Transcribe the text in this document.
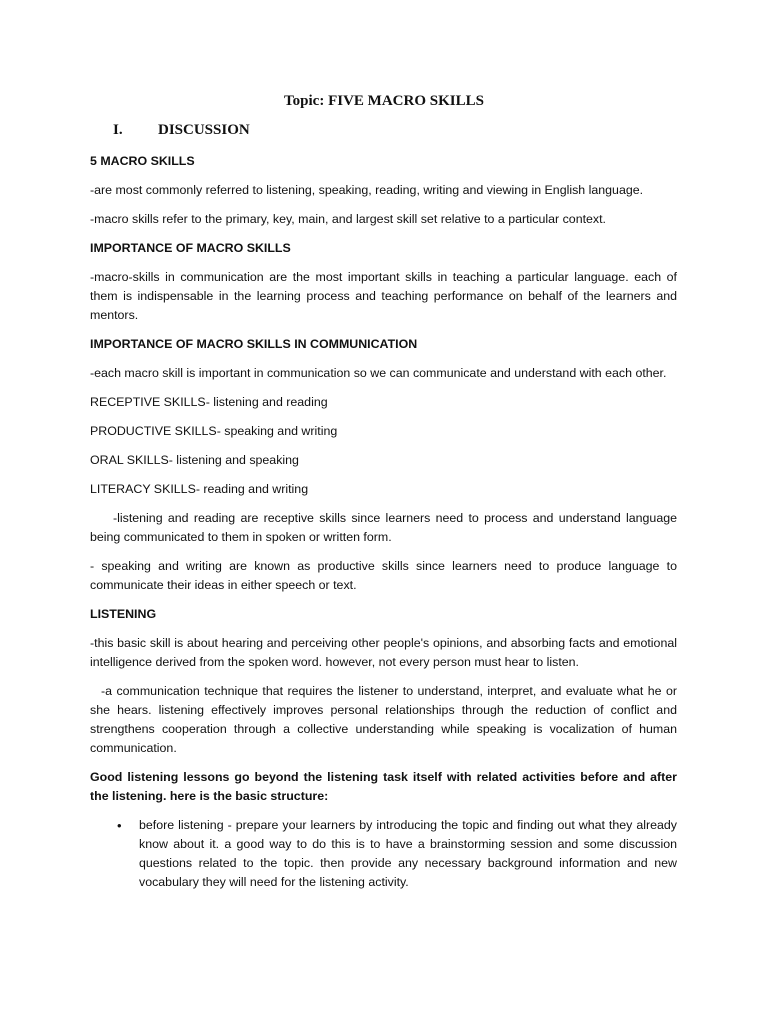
Topic: FIVE MACRO SKILLS
I. DISCUSSION

5 MACRO SKILLS

-are most commonly referred to listening, speaking, reading, writing and viewing in English language.

-macro skills refer to the primary, key, main, and largest skill set relative to a particular context.

IMPORTANCE OF MACRO SKILLS

-macro-skills in communication are the most important skills in teaching a particular language. each of them is indispensable in the learning process and teaching performance on behalf of the learners and mentors.

IMPORTANCE OF MACRO SKILLS IN COMMUNICATION

-each macro skill is important in communication so we can communicate and understand with each other.

RECEPTIVE SKILLS- listening and reading

PRODUCTIVE SKILLS- speaking and writing

ORAL SKILLS- listening and speaking

LITERACY SKILLS- reading and writing

-listening and reading are receptive skills since learners need to process and understand language being communicated to them in spoken or written form.

- speaking and writing are known as productive skills since learners need to produce language to communicate their ideas in either speech or text.

LISTENING

-this basic skill is about hearing and perceiving other people's opinions, and absorbing facts and emotional intelligence derived from the spoken word. however, not every person must hear to listen.

-a communication technique that requires the listener to understand, interpret, and evaluate what he or she hears. listening effectively improves personal relationships through the reduction of conflict and strengthens cooperation through a collective understanding while speaking is vocalization of human communication.

Good listening lessons go beyond the listening task itself with related activities before and after the listening. here is the basic structure:

• before listening - prepare your learners by introducing the topic and finding out what they already know about it. a good way to do this is to have a brainstorming session and some discussion questions related to the topic. then provide any necessary background information and new vocabulary they will need for the listening activity.
